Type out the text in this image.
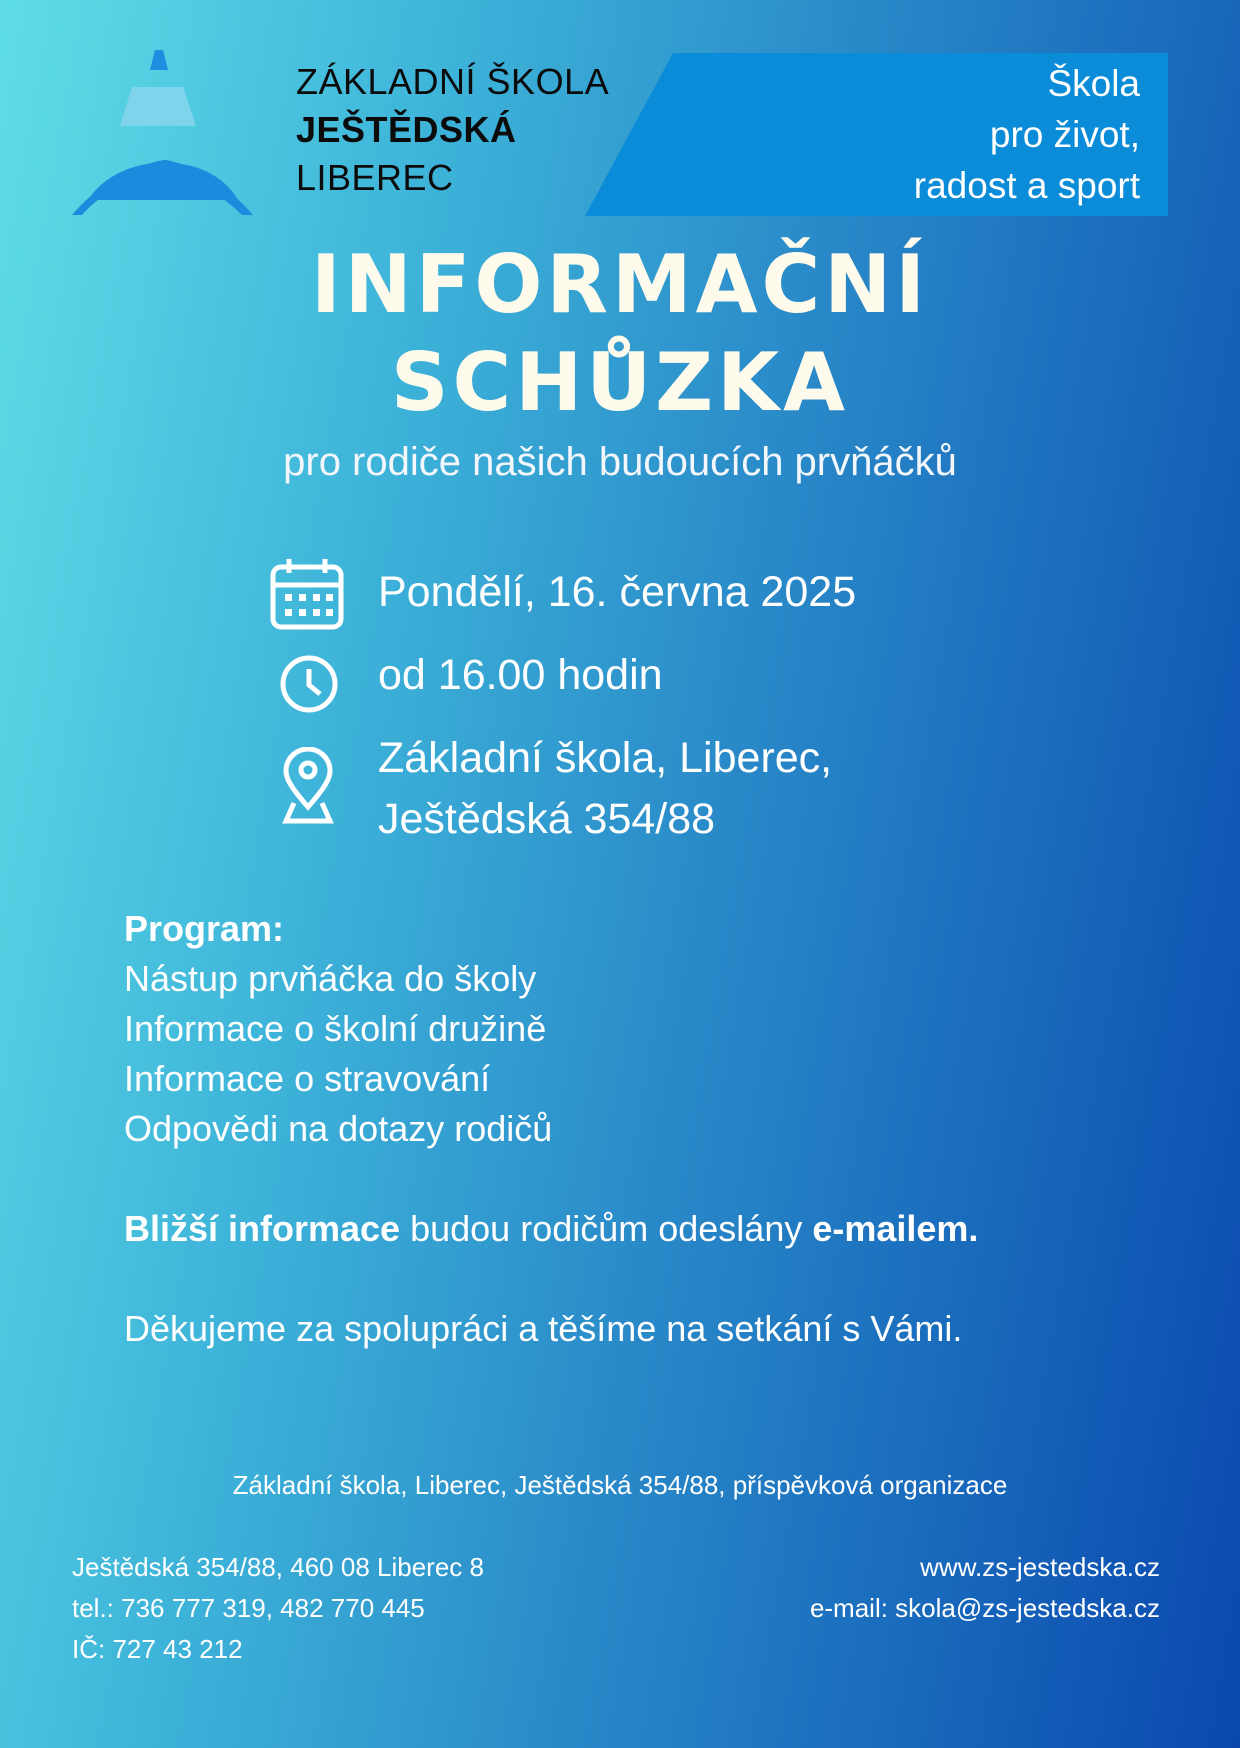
ZÁKLADNÍ ŠKOLA
JEŠTĚDSKÁ
LIBEREC
Škola
pro život,
radost a sport
INFORMAČNÍ
SCHŮZKA
pro rodiče našich budoucích prvňáčků
Pondělí, 16. června 2025
od 16.00 hodin
Základní škola, Liberec,
Ještědská 354/88
Program:
Nástup prvňáčka do školy
Informace o školní družině
Informace o stravování
Odpovědi na dotazy rodičů
Bližší informace budou rodičům odeslány e-mailem.
Děkujeme za spolupráci a těšíme na setkání s Vámi.
Základní škola, Liberec, Ještědská 354/88, příspěvková organizace
Ještědská 354/88, 460 08 Liberec 8
tel.: 736 777 319, 482 770 445
IČ: 727 43 212
www.zs-jestedska.cz
e-mail: skola@zs-jestedska.cz
